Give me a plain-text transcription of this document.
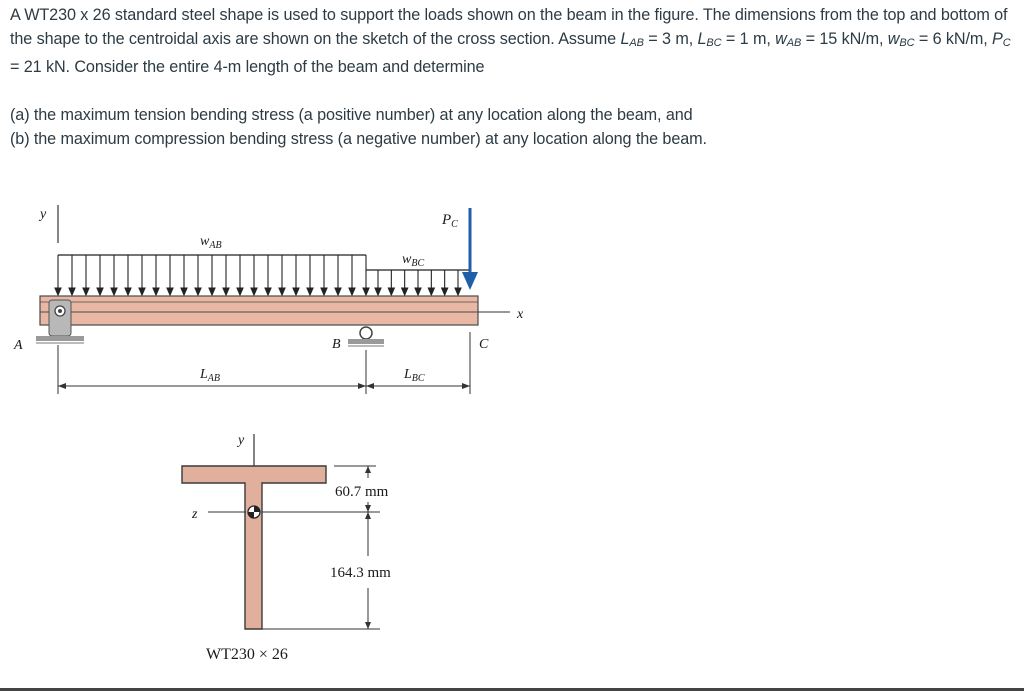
A WT230 x 26 standard steel shape is used to support the loads shown on the beam in the figure. The dimensions from the top and bottom of the shape to the centroidal axis are shown on the sketch of the cross section. Assume LAB = 3 m, LBC = 1 m, wAB = 15 kN/m, wBC = 6 kN/m, PC = 21 kN. Consider the entire 4-m length of the beam and determine

(a) the maximum tension bending stress (a positive number) at any location along the beam, and

(b) the maximum compression bending stress (a negative number) at any location along the beam.

y
$w_{AB}$
$w_{BC}$
$P_C$
x
A	B	C
$L_{AB}$	$L_{BC}$
y
z
60.7 mm
164.3 mm
WT230 × 26
